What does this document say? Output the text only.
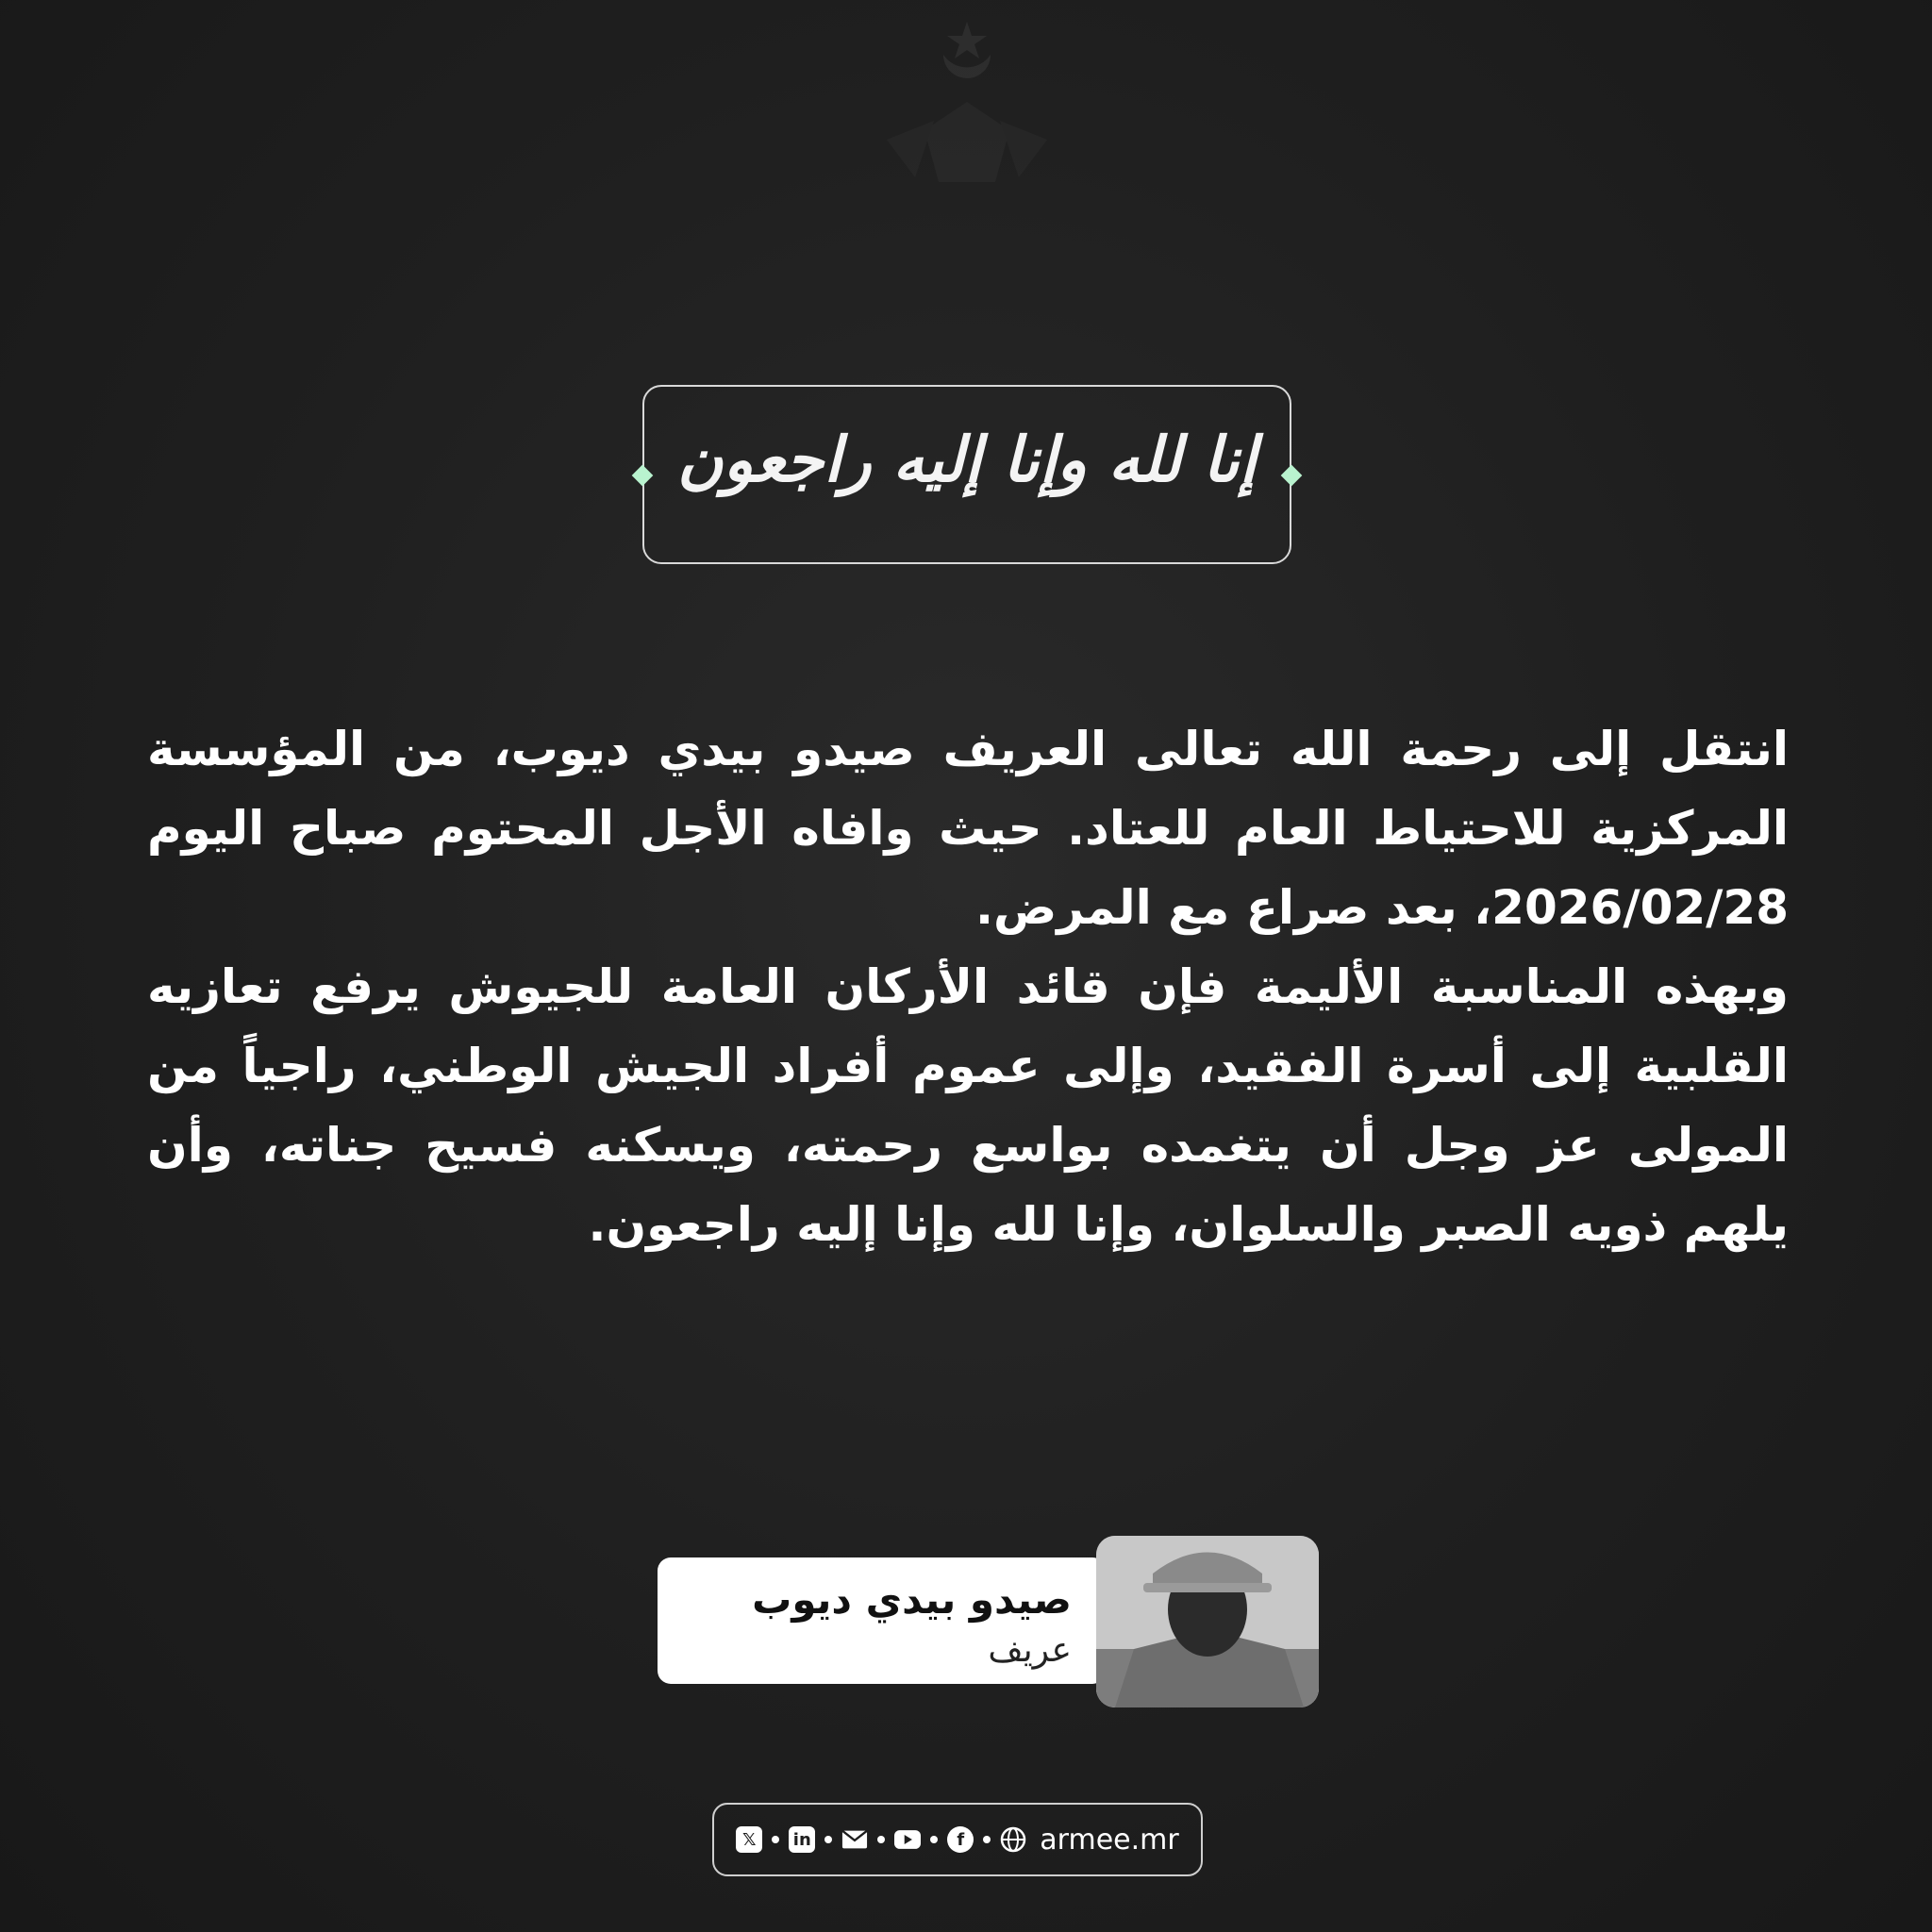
إنا لله وإنا إليه راجعون

انتقل إلى رحمة الله تعالى العريف صيدو بيدي ديوب، من المؤسسة المركزية للاحتياط العام للعتاد. حيث وافاه الأجل المحتوم صباح اليوم 2026/02/28، بعد صراع مع المرض.

وبهذه المناسبة الأليمة فإن قائد الأركان العامة للجيوش يرفع تعازيه القلبية إلى أسرة الفقيد، وإلى عموم أفراد الجيش الوطني، راجياً من المولى عز وجل أن يتغمده بواسع رحمته، ويسكنه فسيح جناته، وأن يلهم ذويه الصبر والسلوان، وإنا لله وإنا إليه راجعون.

صيدو بيدي ديوب
عريف
𝕏	in	f	armee.mr
